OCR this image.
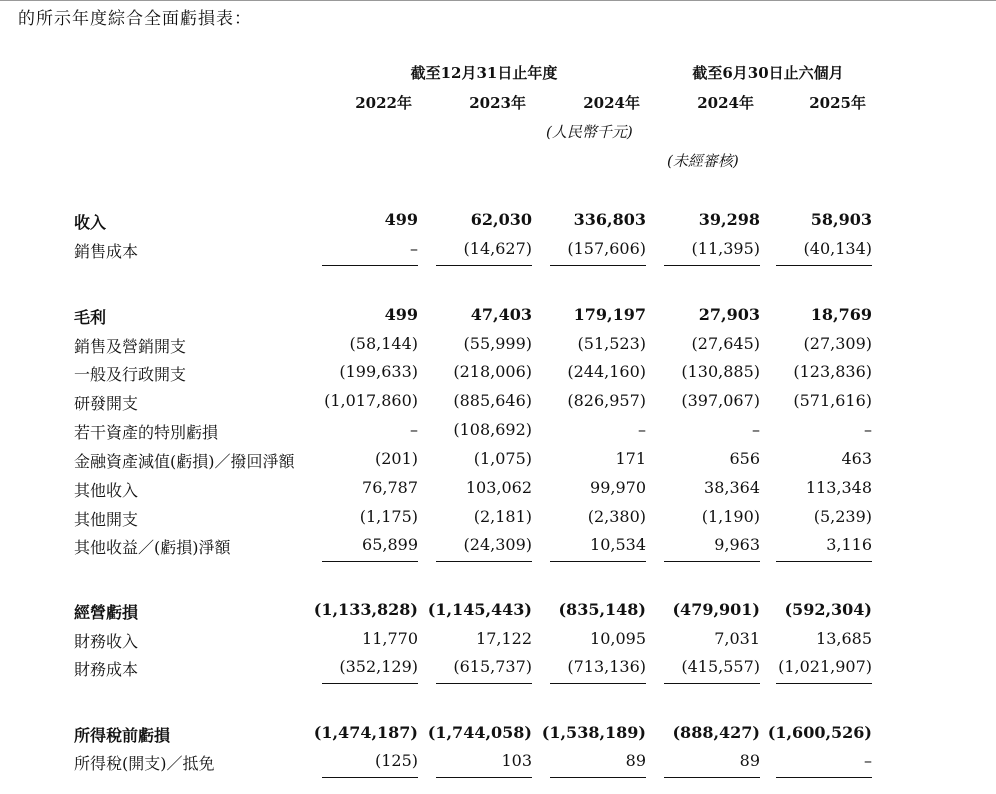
的所示年度綜合全面虧損表：
截至12月31日止年度	截至6月30日止六個月
2022年	2023年	2024年	2024年	2025年
(人民幣千元)
(未經審核)
收入	499	62,030	336,803	39,298	58,903
銷售成本	–	(14,627)	(157,606)	(11,395)	(40,134)
毛利	499	47,403	179,197	27,903	18,769
銷售及營銷開支	(58,144)	(55,999)	(51,523)	(27,645)	(27,309)
一般及行政開支	(199,633)	(218,006)	(244,160)	(130,885)	(123,836)
研發開支	(1,017,860)	(885,646)	(826,957)	(397,067)	(571,616)
若干資產的特別虧損	–	(108,692)	–	–	–
金融資產減值(虧損)／撥回淨額	(201)	(1,075)	171	656	463
其他收入	76,787	103,062	99,970	38,364	113,348
其他開支	(1,175)	(2,181)	(2,380)	(1,190)	(5,239)
其他收益／(虧損)淨額	65,899	(24,309)	10,534	9,963	3,116
經營虧損	(1,133,828) (1,145,443)	(835,148)	(479,901)	(592,304)
財務收入	11,770	17,122	10,095	7,031	13,685
財務成本	(352,129)	(615,737)	(713,136)	(415,557)	(1,021,907)
所得稅前虧損	(1,474,187) (1,744,058) (1,538,189)	(888,427) (1,600,526)
所得稅(開支)／抵免	(125)	103	89	89	–
